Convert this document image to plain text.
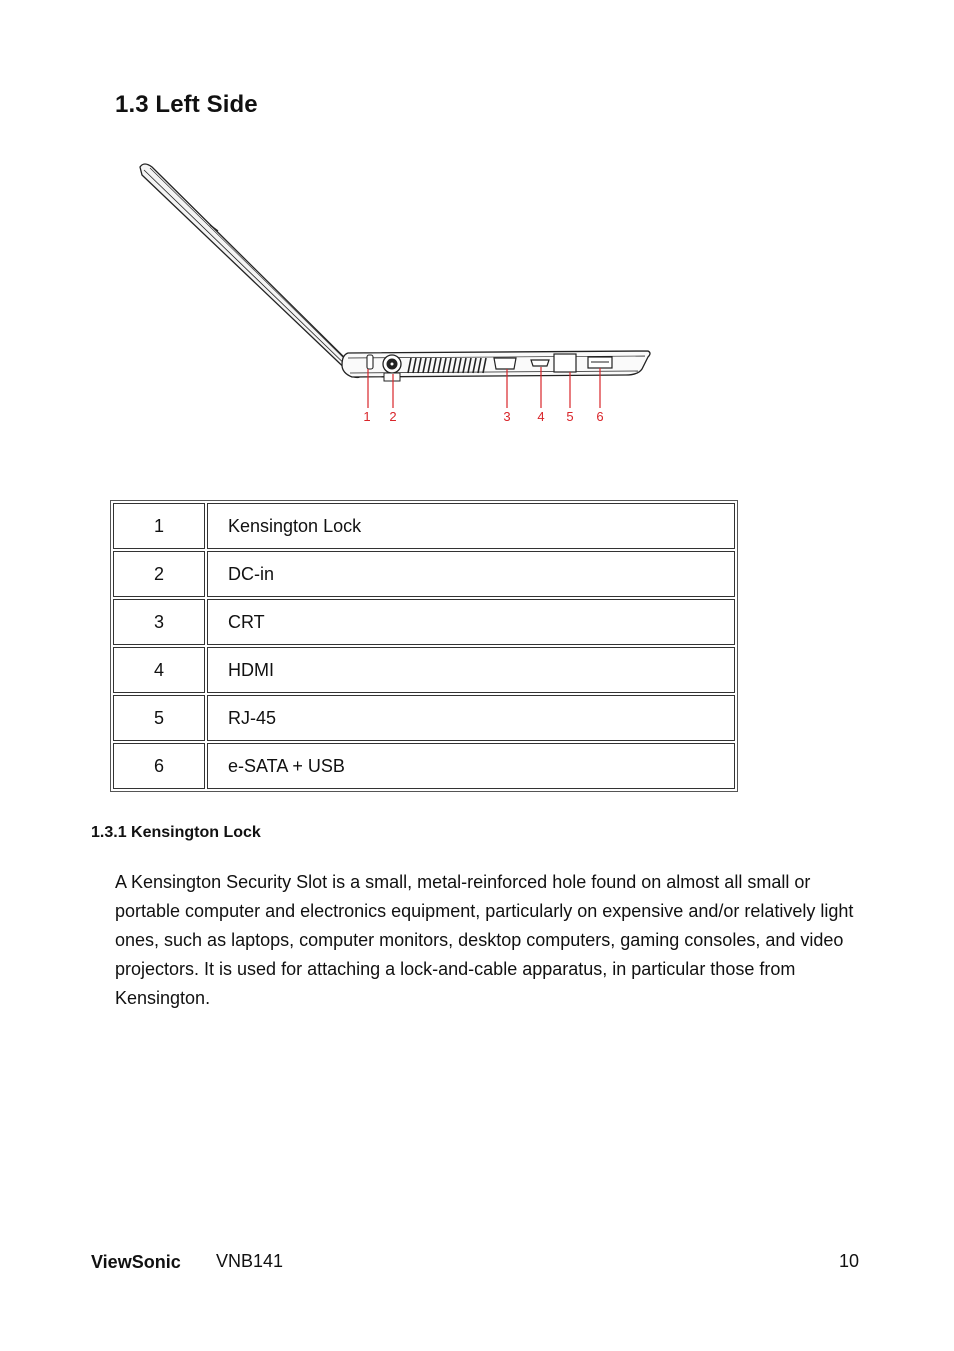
1.3 Left Side
1 2	3 4 5 6
1	Kensington Lock
2	DC-in
3	CRT
4	HDMI
5	RJ-45
6	e-SATA + USB
1.3.1 Kensington Lock

A Kensington Security Slot is a small, metal-reinforced hole found on almost all small or portable computer and electronics equipment, particularly on expensive and/or relatively light ones, such as laptops, computer monitors, desktop computers, gaming consoles, and video projectors. It is used for attaching a lock-and-cable apparatus, in particular those from Kensington.

ViewSonic VNB141	10
